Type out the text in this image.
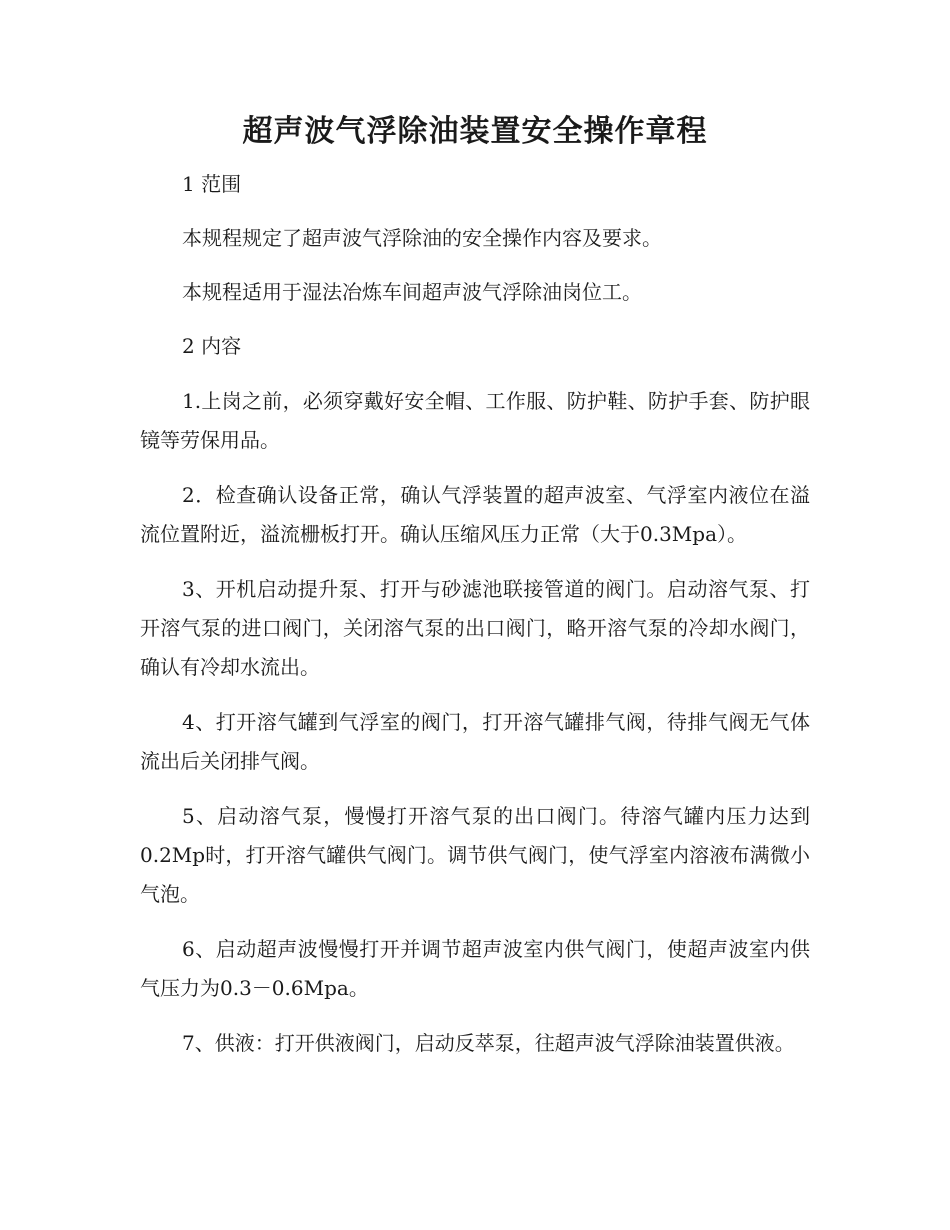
超声波气浮除油装置安全操作章程

1 范围

本规程规定了超声波气浮除油的安全操作内容及要求。

本规程适用于湿法冶炼车间超声波气浮除油岗位工。

2 内容

1.上岗之前，必须穿戴好安全帽、工作服、防护鞋、防护手套、防护眼镜等劳保用品。

2．检查确认设备正常，确认气浮装置的超声波室、气浮室内液位在溢流位置附近，溢流栅板打开。确认压缩风压力正常（大于0.3Mpa）。

3、开机启动提升泵、打开与砂滤池联接管道的阀门。启动溶气泵、打开溶气泵的进口阀门，关闭溶气泵的出口阀门，略开溶气泵的冷却水阀门，确认有冷却水流出。

4、打开溶气罐到气浮室的阀门，打开溶气罐排气阀，待排气阀无气体流出后关闭排气阀。

5、启动溶气泵，慢慢打开溶气泵的出口阀门。待溶气罐内压力达到0.2Mp时，打开溶气罐供气阀门。调节供气阀门，使气浮室内溶液布满微小气泡。

6、启动超声波慢慢打开并调节超声波室内供气阀门，使超声波室内供气压力为0.3－0.6Mpa。

7、供液：打开供液阀门，启动反萃泵，往超声波气浮除油装置供液。
